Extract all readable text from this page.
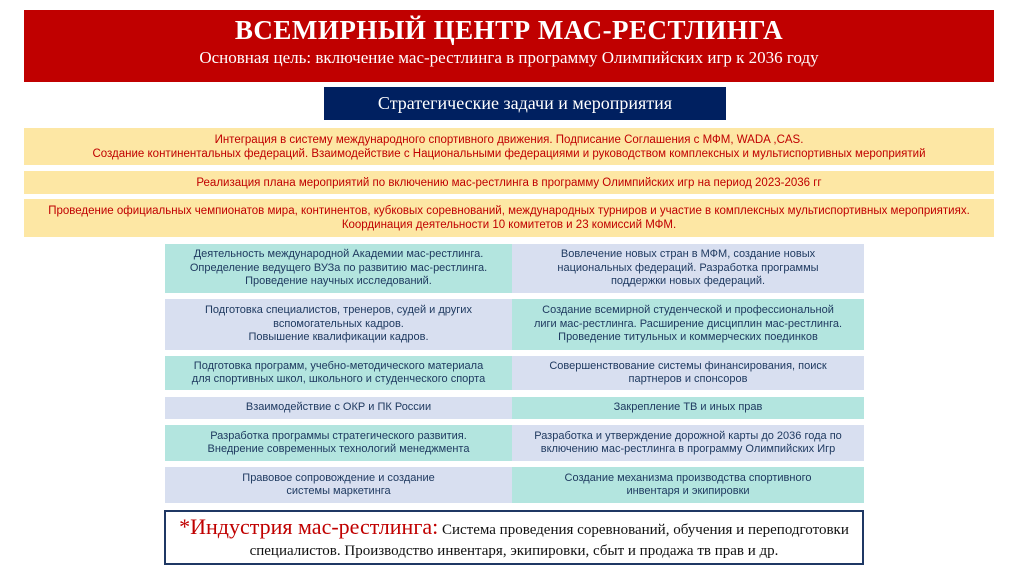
ВСЕМИРНЫЙ ЦЕНТР МАС-РЕСТЛИНГА
Основная цель: включение мас-рестлинга в программу Олимпийских игр к 2036 году
Стратегические задачи и мероприятия
Интеграция в систему международного спортивного движения. Подписание Соглашения с МФМ, WADA ,CAS.
Создание континентальных федераций. Взаимодействие с Национальными федерациями и руководством комплексных и мультиспортивных мероприятий
Реализация плана мероприятий по включению мас-рестлинга в программу Олимпийских игр на период 2023-2036 гг
Проведение официальных чемпионатов мира, континентов, кубковых соревнований, международных турниров и участие в комплексных мультиспортивных мероприятиях.
Координация деятельности 10 комитетов и 23 комиссий МФМ.
Деятельность международной Академии мас-рестлинга.
Определение ведущего ВУЗа по развитию мас-рестлинга.
Проведение научных исследований.
Вовлечение новых стран в МФМ, создание новых
национальных федераций. Разработка программы
поддержки новых федераций.
Подготовка специалистов, тренеров, судей и других
вспомогательных кадров.
Повышение квалификации кадров.
Создание всемирной студенческой и профессиональной
лиги мас-рестлинга. Расширение дисциплин мас-рестлинга.
Проведение титульных и коммерческих поединков
Подготовка программ, учебно-методического материала
для спортивных школ, школьного и студенческого спорта
Совершенствование системы финансирования, поиск
партнеров и спонсоров
Взаимодействие с ОКР и ПК России	Закрепление ТВ и иных прав
Разработка программы стратегического развития.
Внедрение современных технологий менеджмента
Разработка и утверждение дорожной карты до 2036 года по
включению мас-рестлинга в программу Олимпийских Игр
Правовое сопровождение и создание
системы маркетинга
Создание механизма производства спортивного
инвентаря и экипировки
*Индустрия мас-рестлинга: Система проведения соревнований, обучения и переподготовки специалистов. Производство инвентаря, экипировки, сбыт и продажа тв прав и др.
